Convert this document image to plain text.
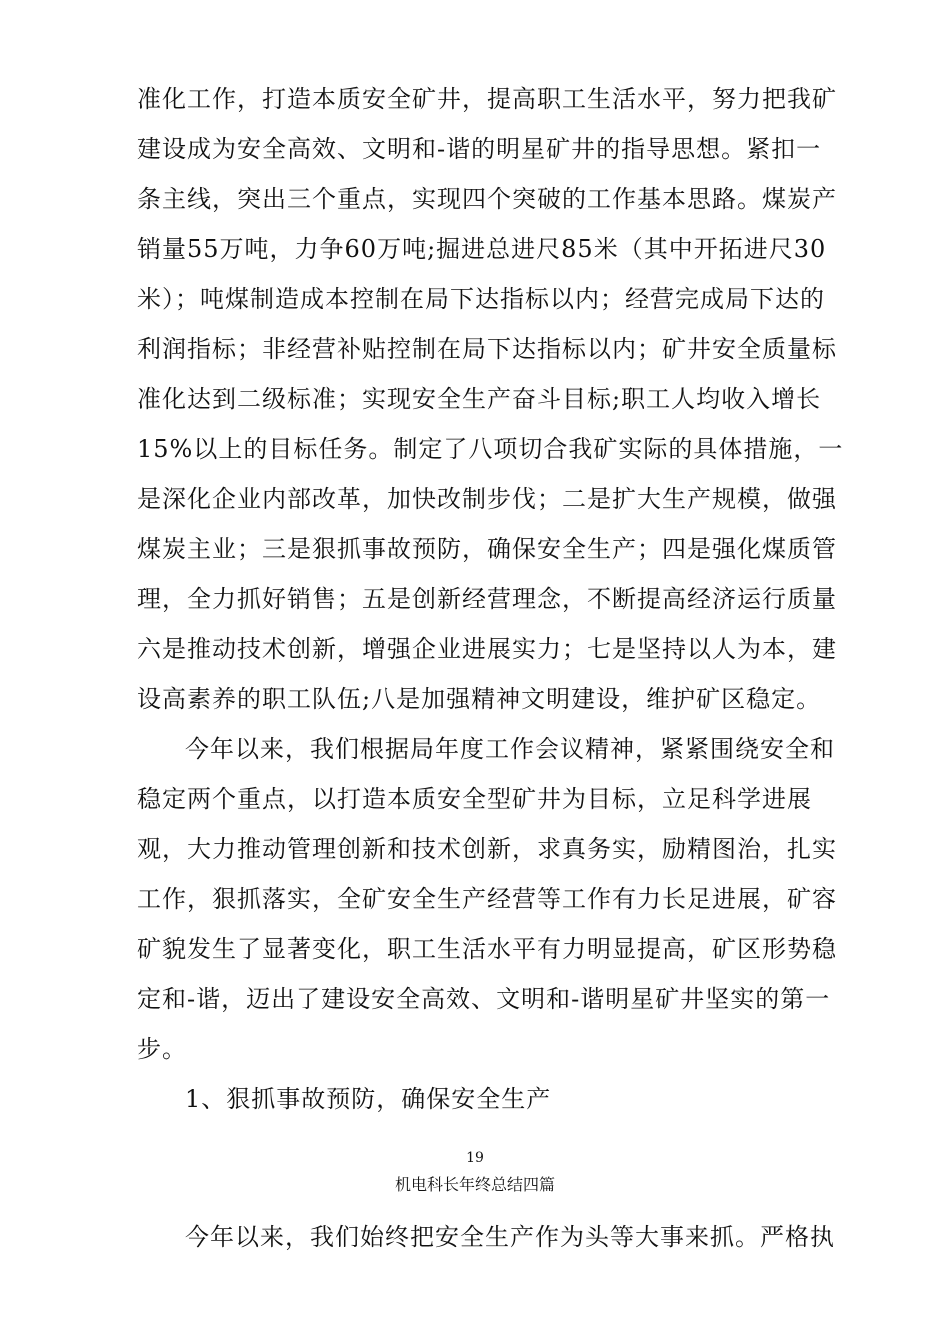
准化工作，打造本质安全矿井，提高职工生活水平，努力把我矿
建设成为安全高效、文明和-谐的明星矿井的指导思想。紧扣一
条主线，突出三个重点，实现四个突破的工作基本思路。煤炭产
销量55万吨，力争60万吨;掘进总进尺85米（其中开拓进尺30
米）；吨煤制造成本控制在局下达指标以内；经营完成局下达的
利润指标；非经营补贴控制在局下达指标以内；矿井安全质量标
准化达到二级标准；实现安全生产奋斗目标;职工人均收入增长
15%以上的目标任务。制定了八项切合我矿实际的具体措施，一
是深化企业内部改革，加快改制步伐；二是扩大生产规模，做强
煤炭主业；三是狠抓事故预防，确保安全生产；四是强化煤质管
理，全力抓好销售；五是创新经营理念，不断提高经济运行质量
六是推动技术创新，增强企业进展实力；七是坚持以人为本，建
设高素养的职工队伍;八是加强精神文明建设，维护矿区稳定。
今年以来，我们根据局年度工作会议精神，紧紧围绕安全和
稳定两个重点，以打造本质安全型矿井为目标，立足科学进展
观，大力推动管理创新和技术创新，求真务实，励精图治，扎实
工作，狠抓落实，全矿安全生产经营等工作有力长足进展，矿容
矿貌发生了显著变化，职工生活水平有力明显提高，矿区形势稳
定和-谐，迈出了建设安全高效、文明和-谐明星矿井坚实的第一
步。
1、狠抓事故预防，确保安全生产
19
机电科长年终总结四篇
今年以来，我们始终把安全生产作为头等大事来抓。严格执
